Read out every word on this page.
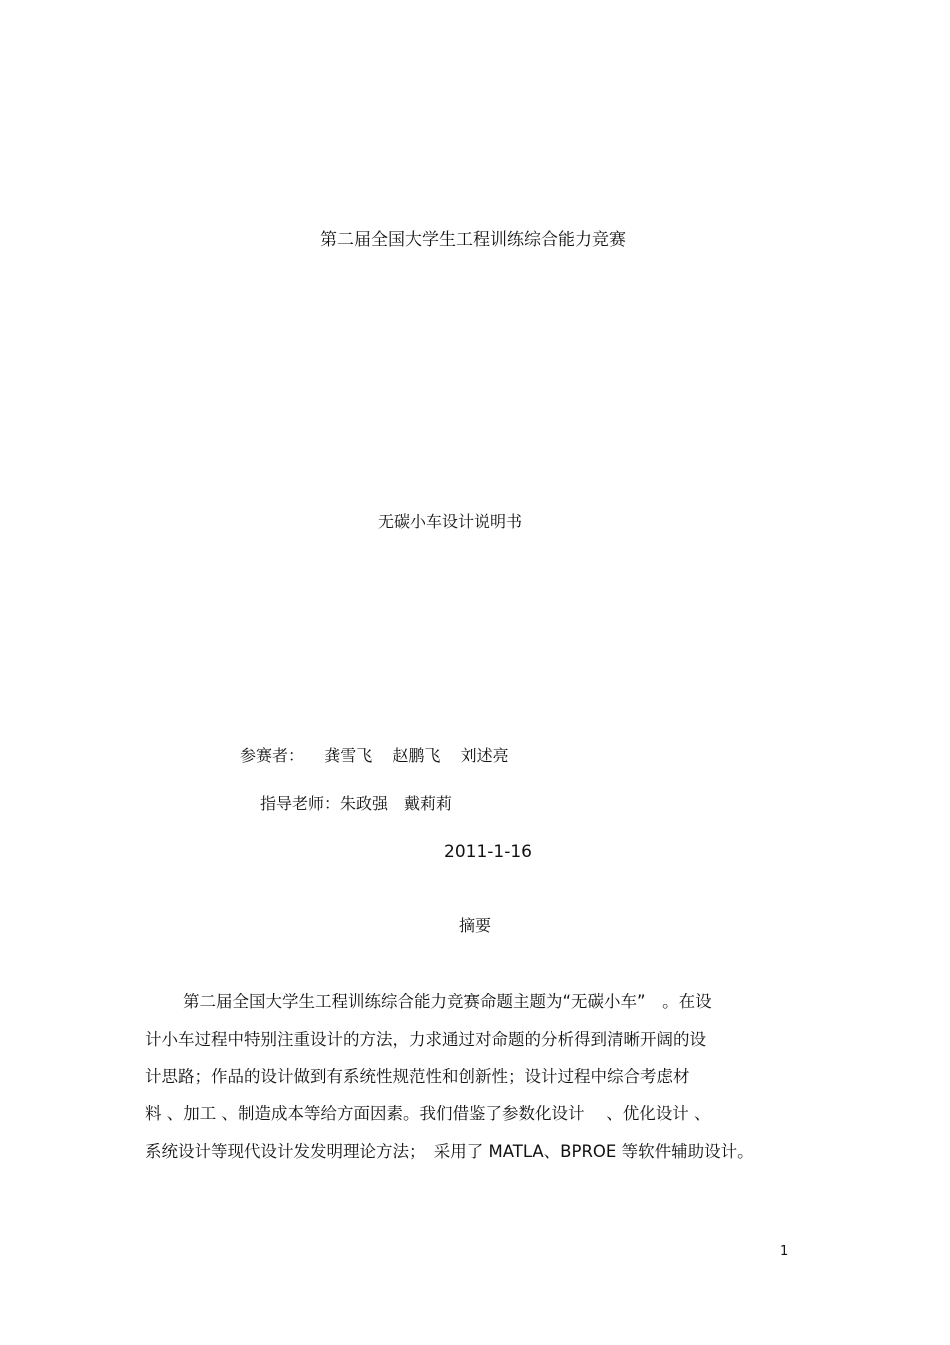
第二届全国大学生工程训练综合能力竞赛
无碳小车设计说明书
参赛者： 龚雪飞 赵鹏飞 刘述亮
指导老师：朱政强　戴莉莉
2011-1-16
摘要
第二届全国大学生工程训练综合能力竞赛命题主题为“无碳小车”　。在设
计小车过程中特别注重设计的方法，力求通过对命题的分析得到清晰开阔的设
计思路；作品的设计做到有系统性规范性和创新性；设计过程中综合考虑材
料 、加工 、制造成本等给方面因素。我们借鉴了参数化设计　 、优化设计 、
系统设计等现代设计发发明理论方法；　采用了 MATLA、BPROE 等软件辅助设计。
1
